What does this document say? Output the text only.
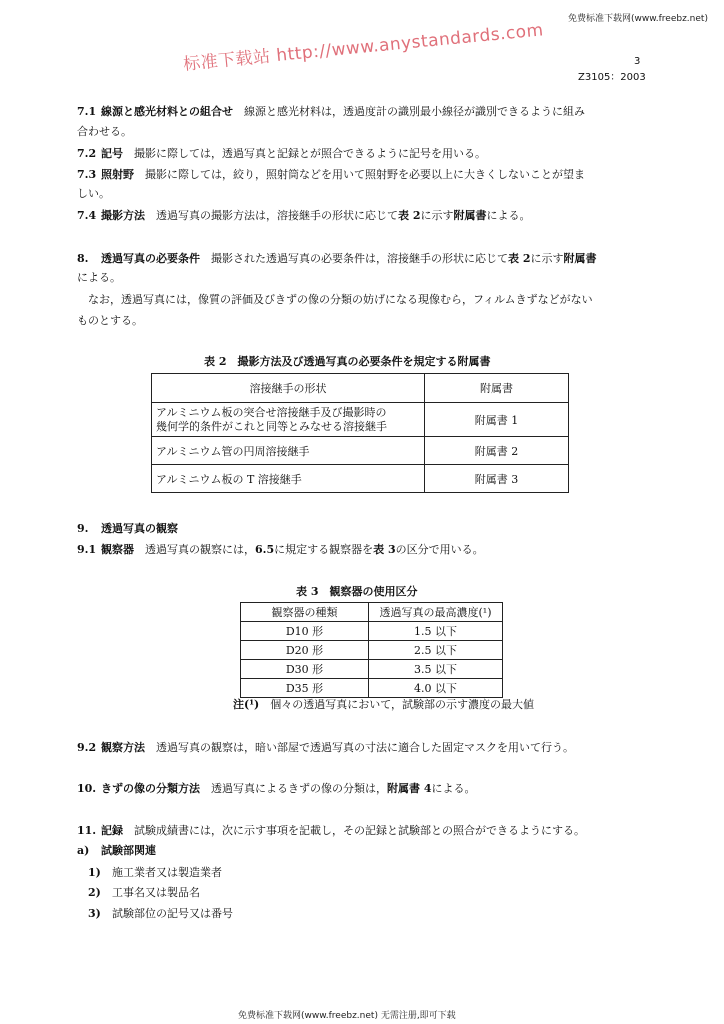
免费标准下载网(www.freebz.net)
标准下载站 http://www.anystandards.com	3
Z3105：2003
7.1 線源と感光材料との組合せ　 線源と感光材料は，透過度計の識別最小線径が識別できるように組み
合わせる。
7.2 記号　 撮影に際しては，透過写真と記録とが照合できるように記号を用いる。
7.3 照射野　 撮影に際しては，絞り，照射筒などを用いて照射野を必要以上に大きくしないことが望ま
しい。
7.4 撮影方法　 透過写真の撮影方法は，溶接継手の形状に応じて表 2に示す附属書による。
8. 透過写真の必要条件　 撮影された透過写真の必要条件は，溶接継手の形状に応じて表 2に示す附属書
による。
なお，透過写真には，像質の評価及びきずの像の分類の妨げになる現像むら，フィルムきずなどがない
ものとする。
表 2　撮影方法及び透過写真の必要条件を規定する附属書
溶接継手の形状	附属書

アルミニウム板の突合せ溶接継手及び撮影時の
幾何学的条件がこれと同等とみなせる溶接継手	附属書 1
アルミニウム管の円周溶接継手	附属書 2
アルミニウム板の T 溶接継手	附属書 3
9. 透過写真の観察
9.1 観察器　 透過写真の観察には，6.5に規定する観察器を表 3の区分で用いる。
表 3　観察器の使用区分
観察器の種類	透過写真の最高濃度(¹)
D10 形	1.5 以下
D20 形	2.5 以下
D30 形	3.5 以下
D35 形	4.0 以下
注(¹)　 個々の透過写真において，試験部の示す濃度の最大値
9.2 観察方法　 透過写真の観察は，暗い部屋で透過写真の寸法に適合した固定マスクを用いて行う。
10. きずの像の分類方法　 透過写真によるきずの像の分類は，附属書 4による。
11. 記録　 試験成績書には，次に示す事項を記載し，その記録と試験部との照合ができるようにする。
a) 試験部関連
1) 施工業者又は製造業者
2) 工事名又は製品名
3) 試験部位の記号又は番号
免费标准下载网(www.freebz.net) 无需注册,即可下载
